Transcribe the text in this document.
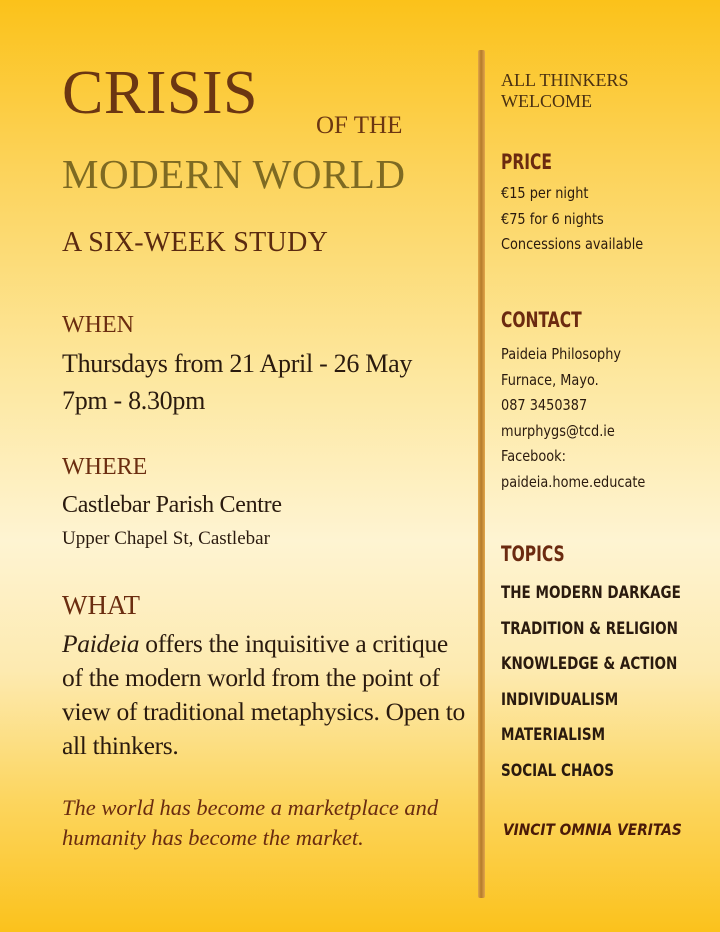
CRISIS OF THE
MODERN WORLD
A SIX-WEEK STUDY
WHEN
Thursdays from 21 April - 26 May
7pm - 8.30pm
WHERE
Castlebar Parish Centre
Upper Chapel St, Castlebar
WHAT
Paideia offers the inquisitive a critique of the modern world from the point of view of traditional metaphysics. Open to all thinkers.
The world has become a marketplace and humanity has become the market.
ALL THINKERS WELCOME
PRICE
€15 per night
€75 for 6 nights
Concessions available
CONTACT
Paideia Philosophy
Furnace, Mayo.
087 3450387
murphygs@tcd.ie
Facebook:
paideia.home.educate
TOPICS
THE MODERN DARKAGE
TRADITION & RELIGION
KNOWLEDGE & ACTION
INDIVIDUALISM
MATERIALISM
SOCIAL CHAOS
VINCIT OMNIA VERITAS
